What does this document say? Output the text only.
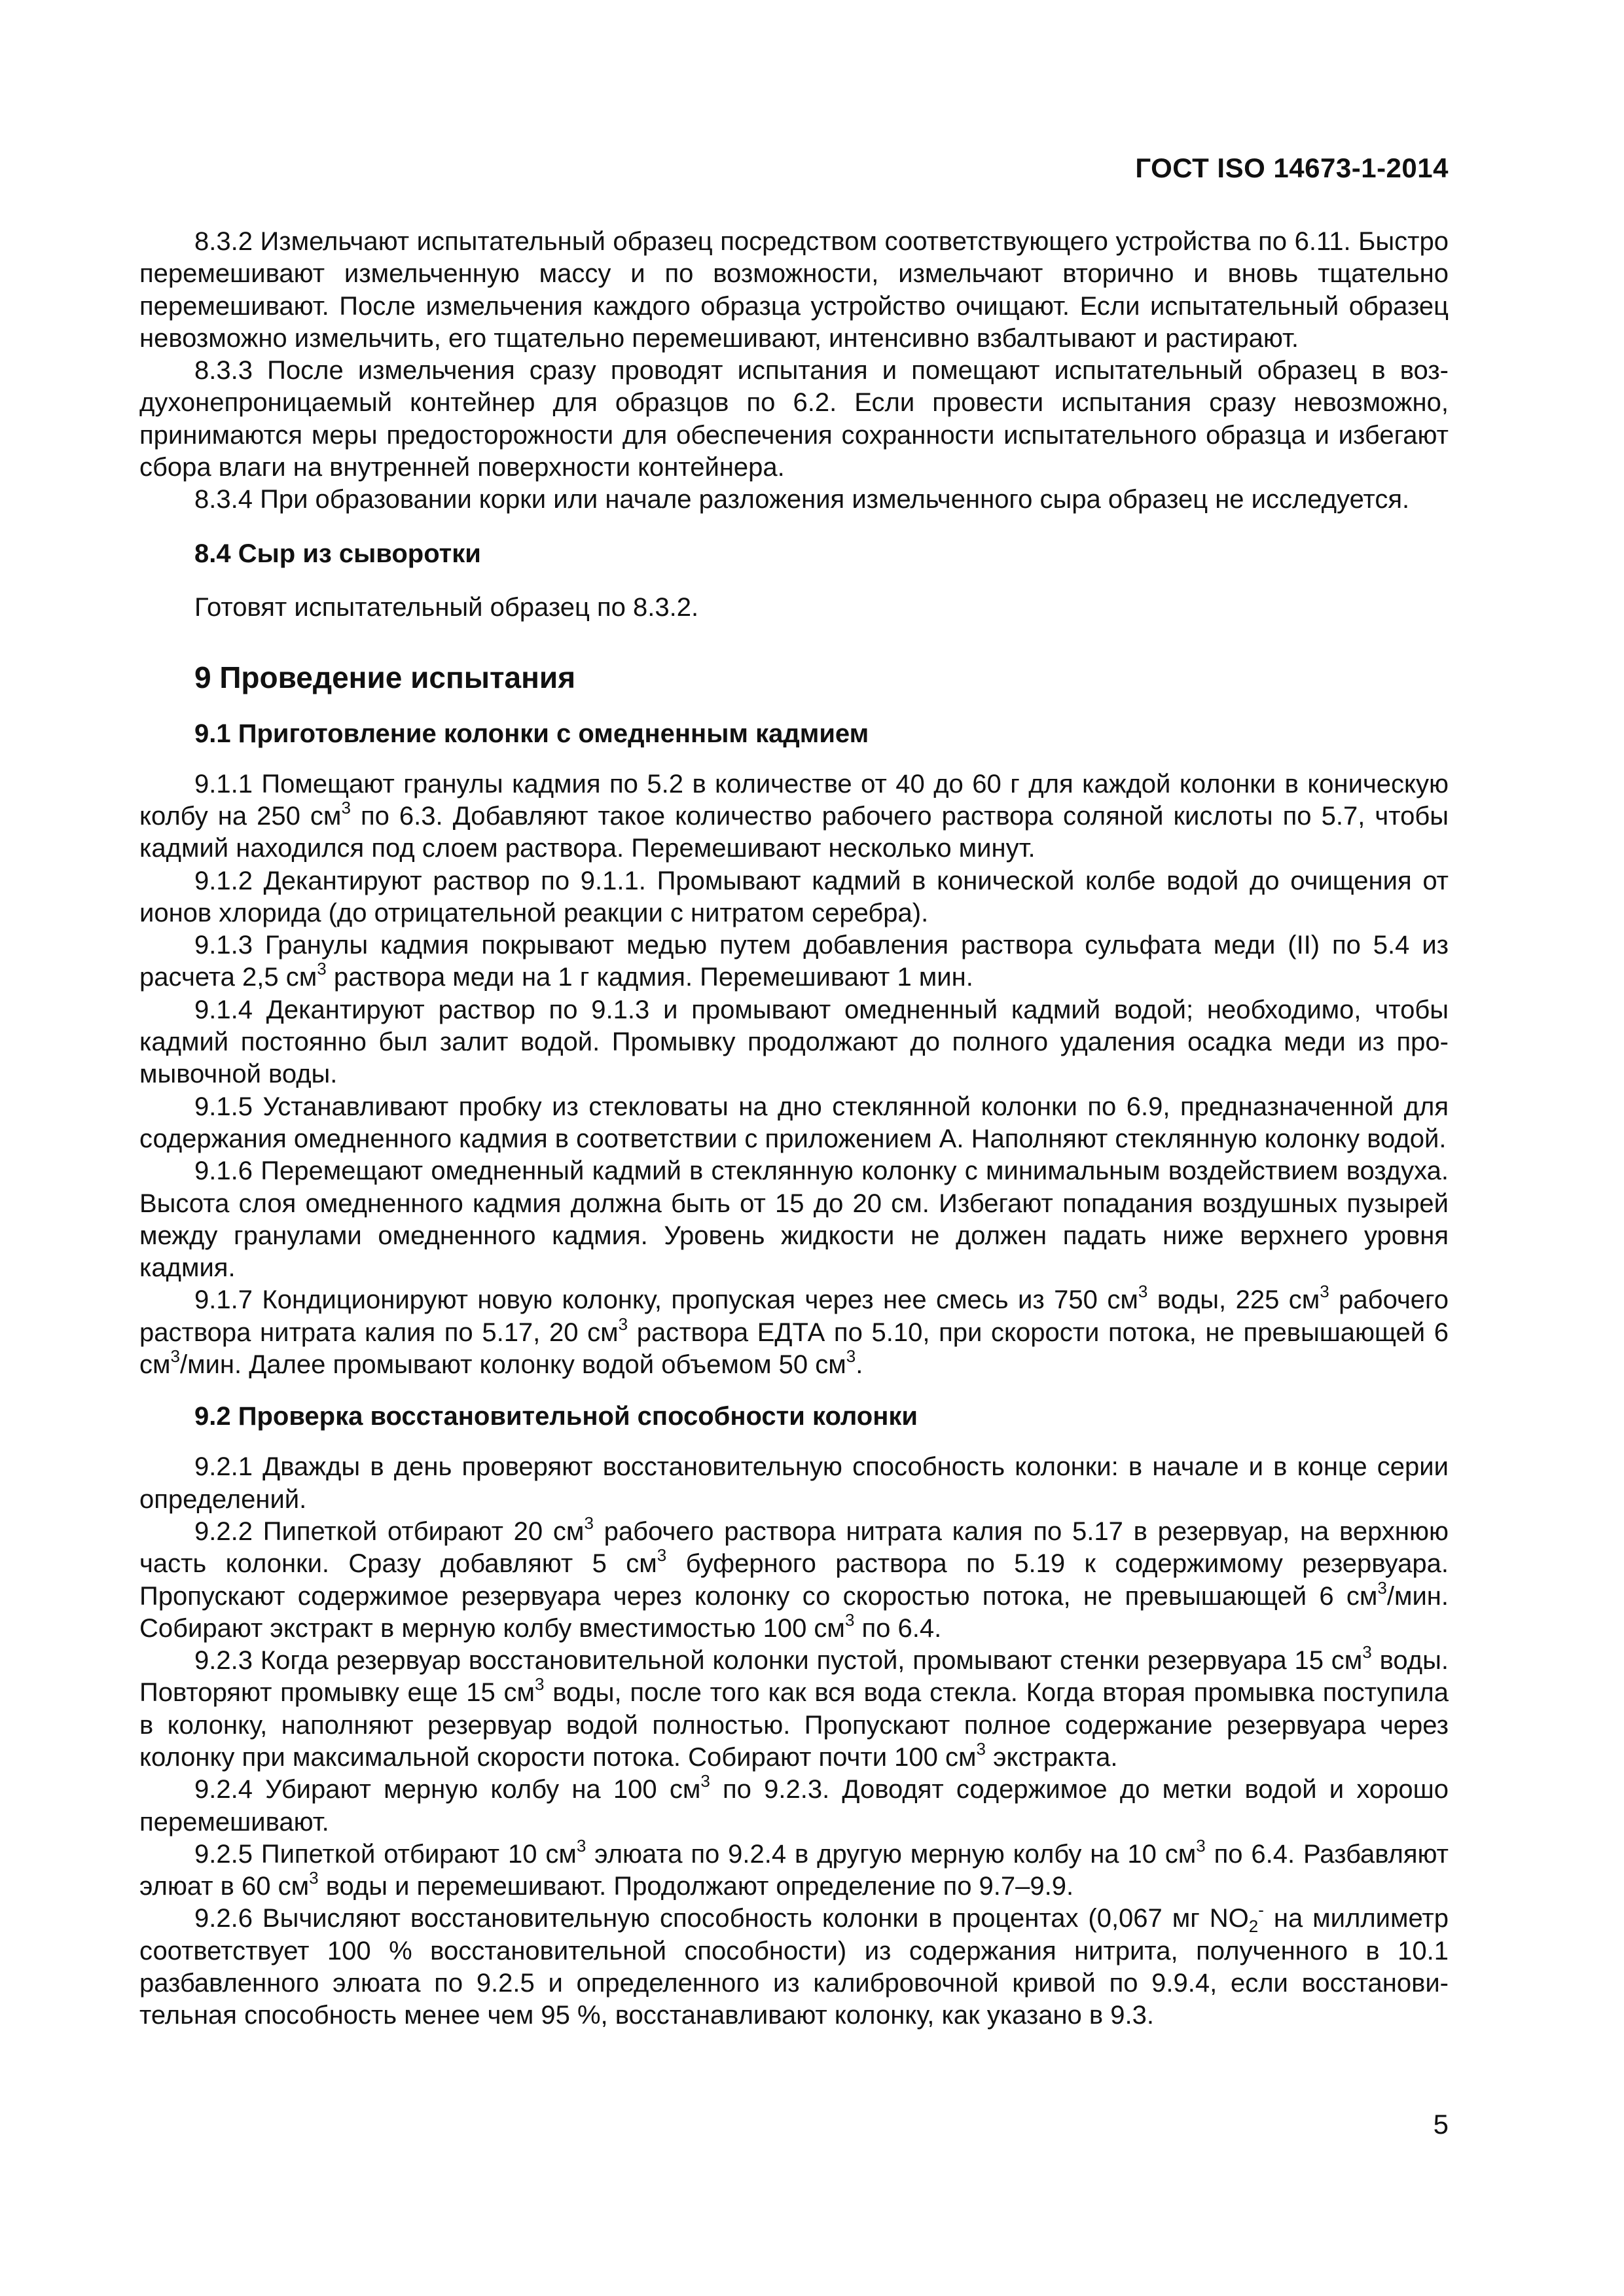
ГОСТ ISO 14673-1-2014

8.3.2 Измельчают испытательный образец посредством соответствующего устройства по 6.11. Быстро перемешивают измельченную массу и по возможности, измельчают вторично и вновь тщательно перемешивают. После измельчения каждого образца устройство очищают. Если испытательный образец невозможно измельчить, его тщательно перемешивают, интенсивно взбалтывают и растирают.

8.3.3 После измельчения сразу проводят испытания и помещают испытательный образец в воздухонепроницаемый контейнер для образцов по 6.2. Если провести испытания сразу невозможно, принимаются меры предосторожности для обеспечения сохранности испытательного образца и избегают сбора влаги на внутренней поверхности контейнера.

8.3.4 При образовании корки или начале разложения измельченного сыра образец не исследуется.

8.4 Сыр из сыворотки

Готовят испытательный образец по 8.3.2.

9 Проведение испытания
9.1 Приготовление колонки с омедненным кадмием

9.1.1 Помещают гранулы кадмия по 5.2 в количестве от 40 до 60 г для каждой колонки в коническую колбу на 250 $см^3$ по 6.3. Добавляют такое количество рабочего раствора соляной кислоты по 5.7, чтобы кадмий находился под слоем раствора. Перемешивают несколько минут.

9.1.2 Декантируют раствор по 9.1.1. Промывают кадмий в конической колбе водой до очищения от ионов хлорида (до отрицательной реакции с нитратом серебра).

9.1.3 Гранулы кадмия покрывают медью путем добавления раствора сульфата меди (II) по 5.4 из расчета 2,5 $см^3$ раствора меди на 1 г кадмия. Перемешивают 1 мин.

9.1.4 Декантируют раствор по 9.1.3 и промывают омедненный кадмий водой; необходимо, чтобы кадмий постоянно был залит водой. Промывку продолжают до полного удаления осадка меди из промывочной воды.

9.1.5 Устанавливают пробку из стекловаты на дно стеклянной колонки по 6.9, предназначенной для содержания омедненного кадмия в соответствии с приложением А. Наполняют стеклянную колонку водой.

9.1.6 Перемещают омедненный кадмий в стеклянную колонку с минимальным воздействием воздуха. Высота слоя омедненного кадмия должна быть от 15 до 20 см. Избегают попадания воздушных пузырей между гранулами омедненного кадмия. Уровень жидкости не должен падать ниже верхнего уровня кадмия.

9.1.7 Кондиционируют новую колонку, пропуская через нее смесь из 750 $см^3$ воды, 225 $см^3$ рабочего раствора нитрата калия по 5.17, 20 $см^3$ раствора ЕДТА по 5.10, при скорости потока, не превышающей 6 $см^3$/мин. Далее промывают колонку водой объемом 50 $см^3$.

9.2 Проверка восстановительной способности колонки

9.2.1 Дважды в день проверяют восстановительную способность колонки: в начале и в конце серии определений.

9.2.2 Пипеткой отбирают 20 $см^3$ рабочего раствора нитрата калия по 5.17 в резервуар, на верхнюю часть колонки. Сразу добавляют 5 $см^3$ буферного раствора по 5.19 к содержимому резервуара. Пропускают содержимое резервуара через колонку со скоростью потока, не превышающей 6 $см^3$/мин. Собирают экстракт в мерную колбу вместимостью 100 $см^3$ по 6.4.

9.2.3 Когда резервуар восстановительной колонки пустой, промывают стенки резервуара 15 $см^3$ воды. Повторяют промывку еще 15 $см^3$ воды, после того как вся вода стекла. Когда вторая промывка поступила в колонку, наполняют резервуар водой полностью. Пропускают полное содержание резервуара через колонку при максимальной скорости потока. Собирают почти 100 $см^3$ экстракта.

9.2.4 Убирают мерную колбу на 100 $см^3$ по 9.2.3. Доводят содержимое до метки водой и хорошо перемешивают.

9.2.5 Пипеткой отбирают 10 $см^3$ элюата по 9.2.4 в другую мерную колбу на 10 $см^3$ по 6.4. Разбавляют элюат в 60 $см^3$ воды и перемешивают. Продолжают определение по 9.7–9.9.

9.2.6 Вычисляют восстановительную способность колонки в процентах (0,067 мг $NO_2^-$ на миллиметр соответствует 100 % восстановительной способности) из содержания нитрита, полученного в 10.1 разбавленного элюата по 9.2.5 и определенного из калибровочной кривой по 9.9.4, если восстановительная способность менее чем 95 %, восстанавливают колонку, как указано в 9.3.

5
